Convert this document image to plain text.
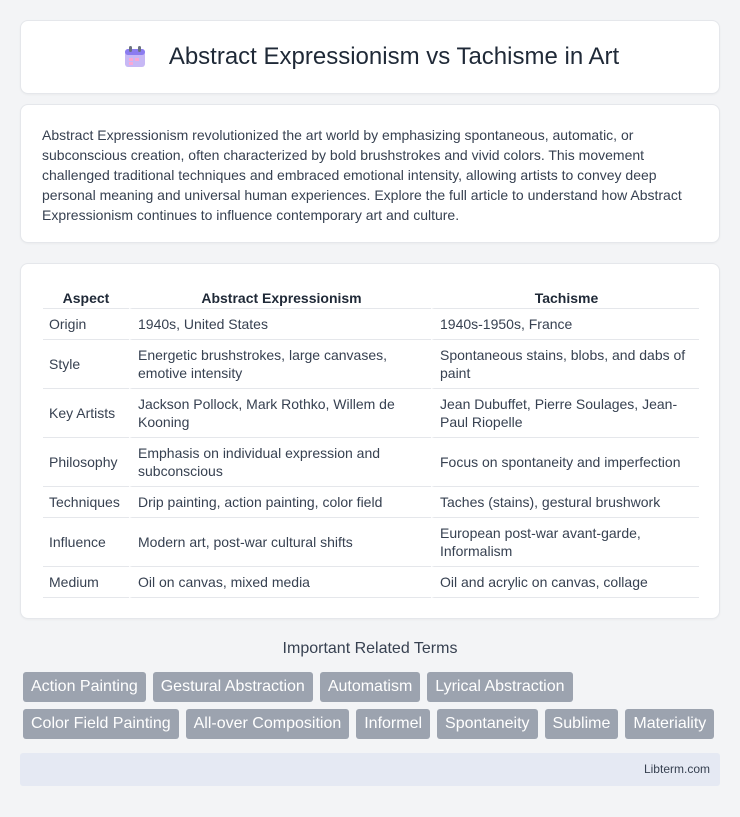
Abstract Expressionism vs Tachisme in Art

Abstract Expressionism revolutionized the art world by emphasizing spontaneous, automatic, or subconscious creation, often characterized by bold brushstrokes and vivid colors. This movement challenged traditional techniques and embraced emotional intensity, allowing artists to convey deep personal meaning and universal human experiences. Explore the full article to understand how Abstract Expressionism continues to influence contemporary art and culture.

Aspect	Abstract Expressionism	Tachisme
Origin	1940s, United States	1940s-1950s, France
Style	Energetic brushstrokes, large canvases, emotive intensity	Spontaneous stains, blobs, and dabs of paint
Key Artists	Jackson Pollock, Mark Rothko, Willem de Kooning	Jean Dubuffet, Pierre Soulages, Jean-Paul Riopelle
Philosophy	Emphasis on individual expression and subconscious	Focus on spontaneity and imperfection
Techniques	Drip painting, action painting, color field	Taches (stains), gestural brushwork
Influence	Modern art, post-war cultural shifts	European post-war avant-garde, Informalism
Medium	Oil on canvas, mixed media	Oil and acrylic on canvas, collage
Important Related Terms
Action Painting	Gestural Abstraction	Automatism	Lyrical Abstraction
Color Field Painting	All-over Composition	Informel	Spontaneity	Sublime	Materiality
Libterm.com
